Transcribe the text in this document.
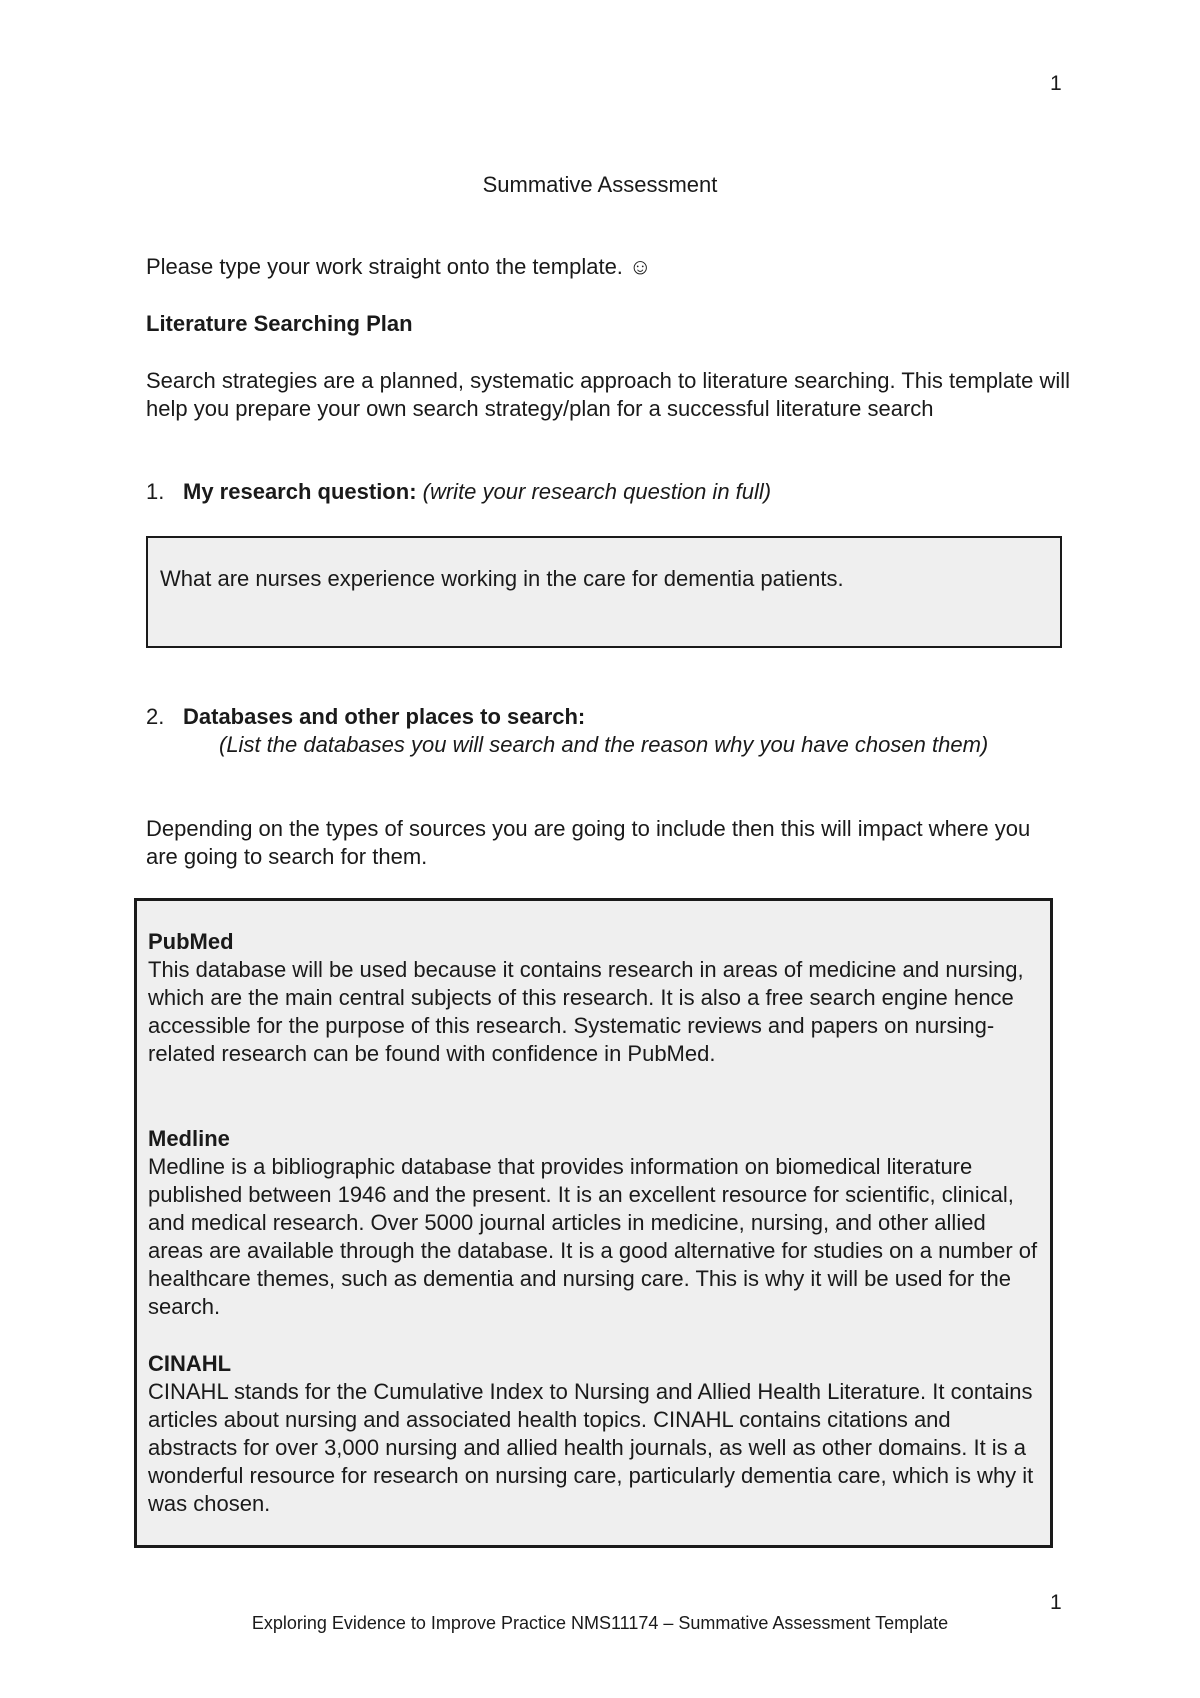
1
Summative Assessment

Please type your work straight onto the template. ☺

Literature Searching Plan

Search strategies are a planned, systematic approach to literature searching. This template will help you prepare your own search strategy/plan for a successful literature search

1. My research question: (write your research question in full)

What are nurses experience working in the care for dementia patients.

2. Databases and other places to search:

(List the databases you will search and the reason why you have chosen them)

Depending on the types of sources you are going to include then this will impact where you are going to search for them.

PubMed

This database will be used because it contains research in areas of medicine and nursing, which are the main central subjects of this research. It is also a free search engine hence accessible for the purpose of this research. Systematic reviews and papers on nursing-related research can be found with confidence in PubMed.

Medline

Medline is a bibliographic database that provides information on biomedical literature published between 1946 and the present. It is an excellent resource for scientific, clinical, and medical research. Over 5000 journal articles in medicine, nursing, and other allied areas are available through the database. It is a good alternative for studies on a number of healthcare themes, such as dementia and nursing care. This is why it will be used for the search.

CINAHL

CINAHL stands for the Cumulative Index to Nursing and Allied Health Literature. It contains articles about nursing and associated health topics. CINAHL contains citations and abstracts for over 3,000 nursing and allied health journals, as well as other domains. It is a wonderful resource for research on nursing care, particularly dementia care, which is why it was chosen.

1
Exploring Evidence to Improve Practice NMS11174 – Summative Assessment Template
